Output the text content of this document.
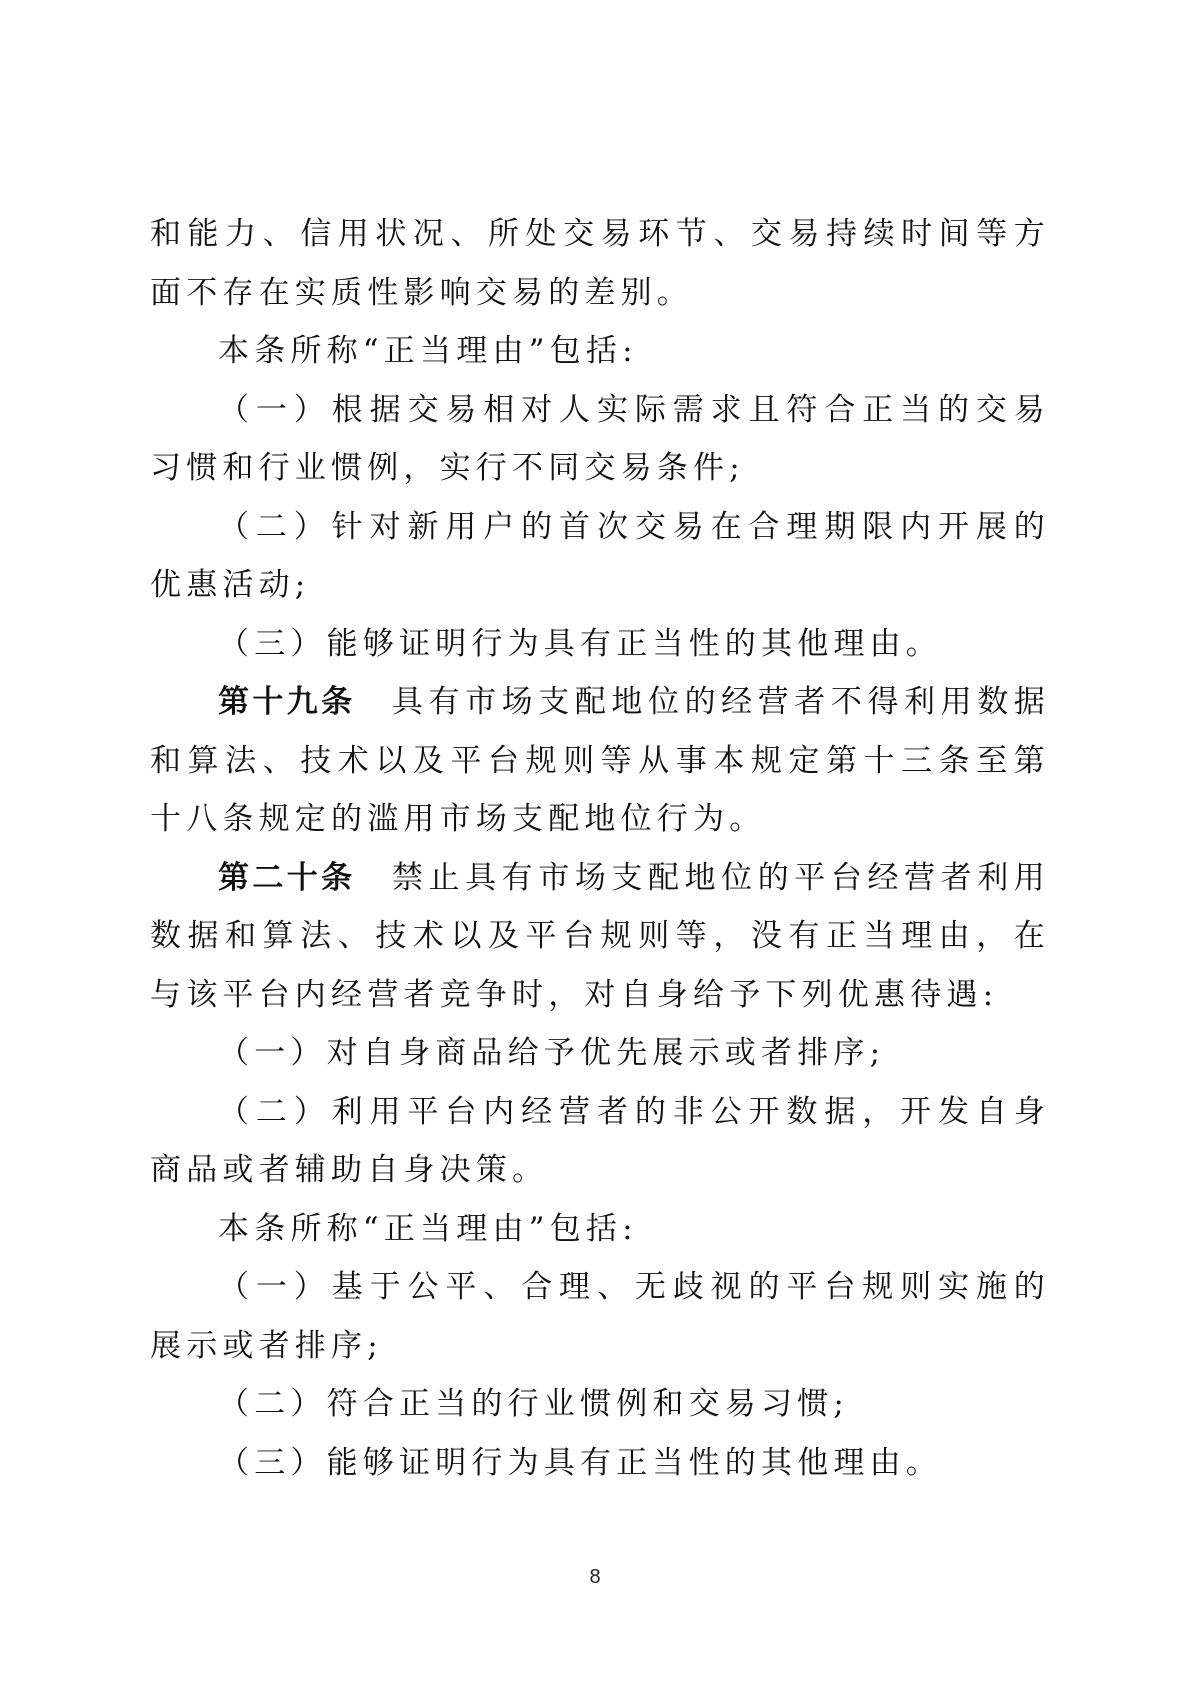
和能力、信用状况、所处交易环节、交易持续时间等方面不存在实质性影响交易的差别。

本条所称“正当理由”包括:

（一）根据交易相对人实际需求且符合正当的交易习惯和行业惯例，实行不同交易条件;

（二）针对新用户的首次交易在合理期限内开展的优惠活动;

（三）能够证明行为具有正当性的其他理由。

第十九条 具有市场支配地位的经营者不得利用数据和算法、技术以及平台规则等从事本规定第十三条至第十八条规定的滥用市场支配地位行为。

第二十条 禁止具有市场支配地位的平台经营者利用数据和算法、技术以及平台规则等，没有正当理由，在与该平台内经营者竞争时，对自身给予下列优惠待遇:

（一）对自身商品给予优先展示或者排序;

（二）利用平台内经营者的非公开数据，开发自身商品或者辅助自身决策。

本条所称“正当理由”包括:

（一）基于公平、合理、无歧视的平台规则实施的展示或者排序;

（二）符合正当的行业惯例和交易习惯;

（三）能够证明行为具有正当性的其他理由。

8
